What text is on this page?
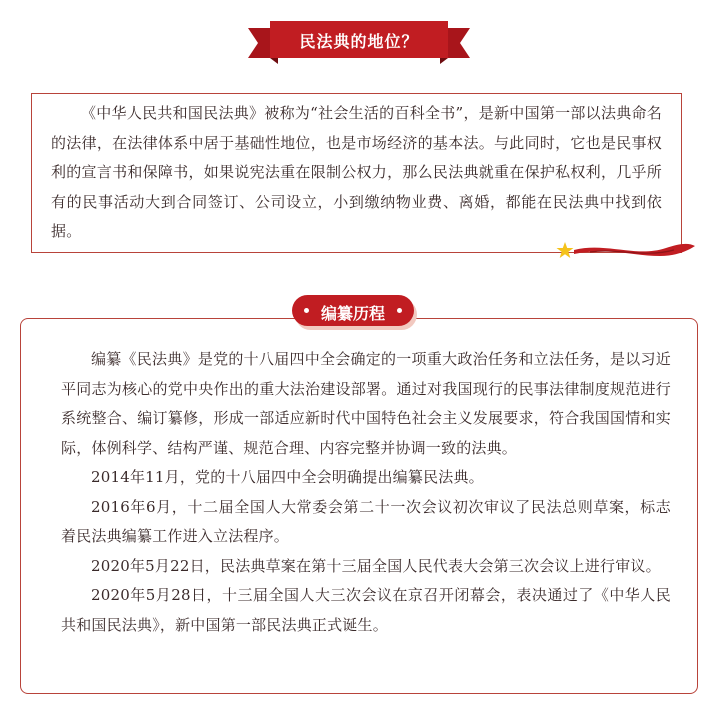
民法典的地位？

《中华人民共和国民法典》被称为“社会生活的百科全书”，是新中国第一部以法典命名的法律，在法律体系中居于基础性地位，也是市场经济的基本法。与此同时，它也是民事权利的宣言书和保障书，如果说宪法重在限制公权力，那么民法典就重在保护私权利，几乎所有的民事活动大到合同签订、公司设立，小到缴纳物业费、离婚，都能在民法典中找到依据。

编纂《民法典》是党的十八届四中全会确定的一项重大政治任务和立法任务，是以习近平同志为核心的党中央作出的重大法治建设部署。通过对我国现行的民事法律制度规范进行系统整合、编订纂修，形成一部适应新时代中国特色社会主义发展要求，符合我国国情和实际，体例科学、结构严谨、规范合理、内容完整并协调一致的法典。

2014年11月，党的十八届四中全会明确提出编纂民法典。

2016年6月，十二届全国人大常委会第二十一次会议初次审议了民法总则草案，标志着民法典编纂工作进入立法程序。

2020年5月22日，民法典草案在第十三届全国人民代表大会第三次会议上进行审议。

2020年5月28日，十三届全国人大三次会议在京召开闭幕会，表决通过了《中华人民共和国民法典》，新中国第一部民法典正式诞生。

编纂历程
